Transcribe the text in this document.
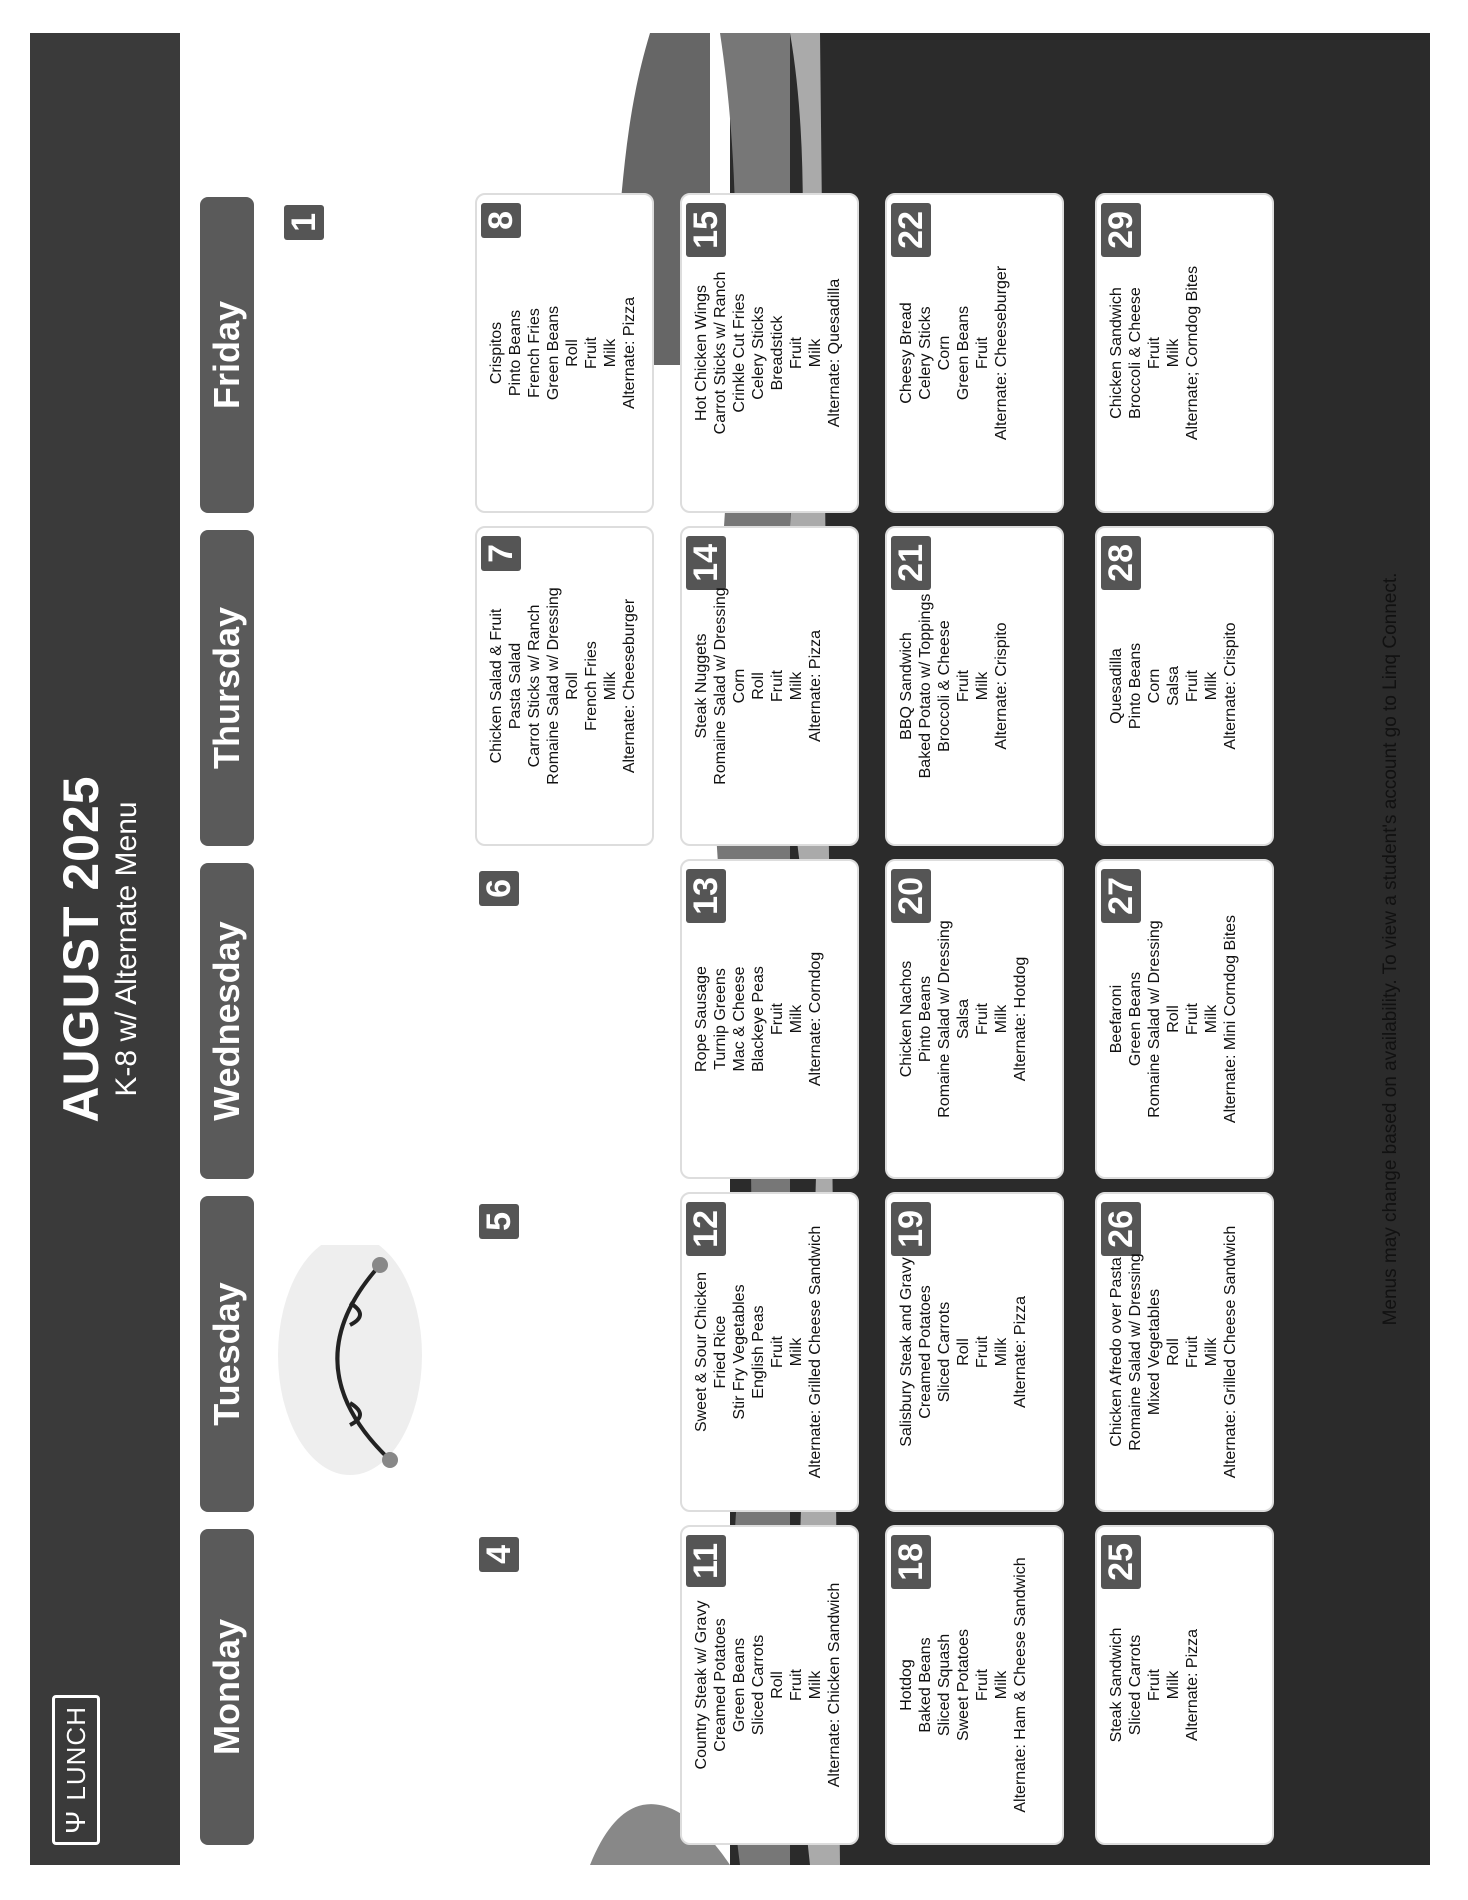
Ψ
LUNCH
AUGUST 2025 K-8 w/ Alternate Menu
Monday
Tuesday
Wednesday
Thursday
Friday
1
4
5
6
7
Chicken Salad & Fruit Pasta Salad Carrot Sticks w/ Ranch Romaine Salad w/ Dressing Roll French Fries Milk Alternate: Cheeseburger
8
Crispitos Pinto Beans French Fries Green Beans Roll Fruit Milk Alternate: Pizza
11
Country Steak w/ Gravy Creamed Potatoes Green Beans Sliced Carrots Roll Fruit Milk Alternate: Chicken Sandwich
12
Sweet & Sour Chicken Fried Rice Stir Fry Vegetables English Peas Fruit Milk Alternate: Grilled Cheese Sandwich
13
Rope Sausage Turnip Greens Mac & Cheese Blackeye Peas Fruit Milk Alternate: Corndog
14
Steak Nuggets Romaine Salad w/ Dressing Corn Roll Fruit Milk Alternate: Pizza
15
Hot Chicken Wings Carrot Sticks w/ Ranch Crinkle Cut Fries Celery Sticks Breadstick Fruit Milk Alternate: Quesadilla
18
Hotdog Baked Beans Sliced Squash Sweet Potatoes Fruit Milk Alternate: Ham & Cheese Sandwich
19
Salisbury Steak and Gravy Creamed Potatoes Sliced Carrots Roll Fruit Milk Alternate: Pizza
20
Chicken Nachos Pinto Beans Romaine Salad w/ Dressing Salsa Fruit Milk Alternate: Hotdog
21
BBQ Sandwich Baked Potato w/ Toppings Broccoli & Cheese Fruit Milk Alternate: Crispito
22
Cheesy Bread Celery Sticks Corn Green Beans Fruit Alternate: Cheeseburger
25
Steak Sandwich Sliced Carrots Fruit Milk Alternate: Pizza
26
Chicken Afredo over Pasta Romaine Salad w/ Dressing Mixed Vegetables Roll Fruit Milk Alternate: Grilled Cheese Sandwich
27
Beefaroni Green Beans Romaine Salad w/ Dressing Roll Fruit Milk Alternate: Mini Corndog Bites
28
Quesadilla Pinto Beans Corn Salsa Fruit Milk Alternate: Crispito
29
Chicken Sandwich Broccoli & Cheese Fruit Milk Alternate; Corndog Bites
Menus may change based on availability. To view a student's account go to Linq Connect.
